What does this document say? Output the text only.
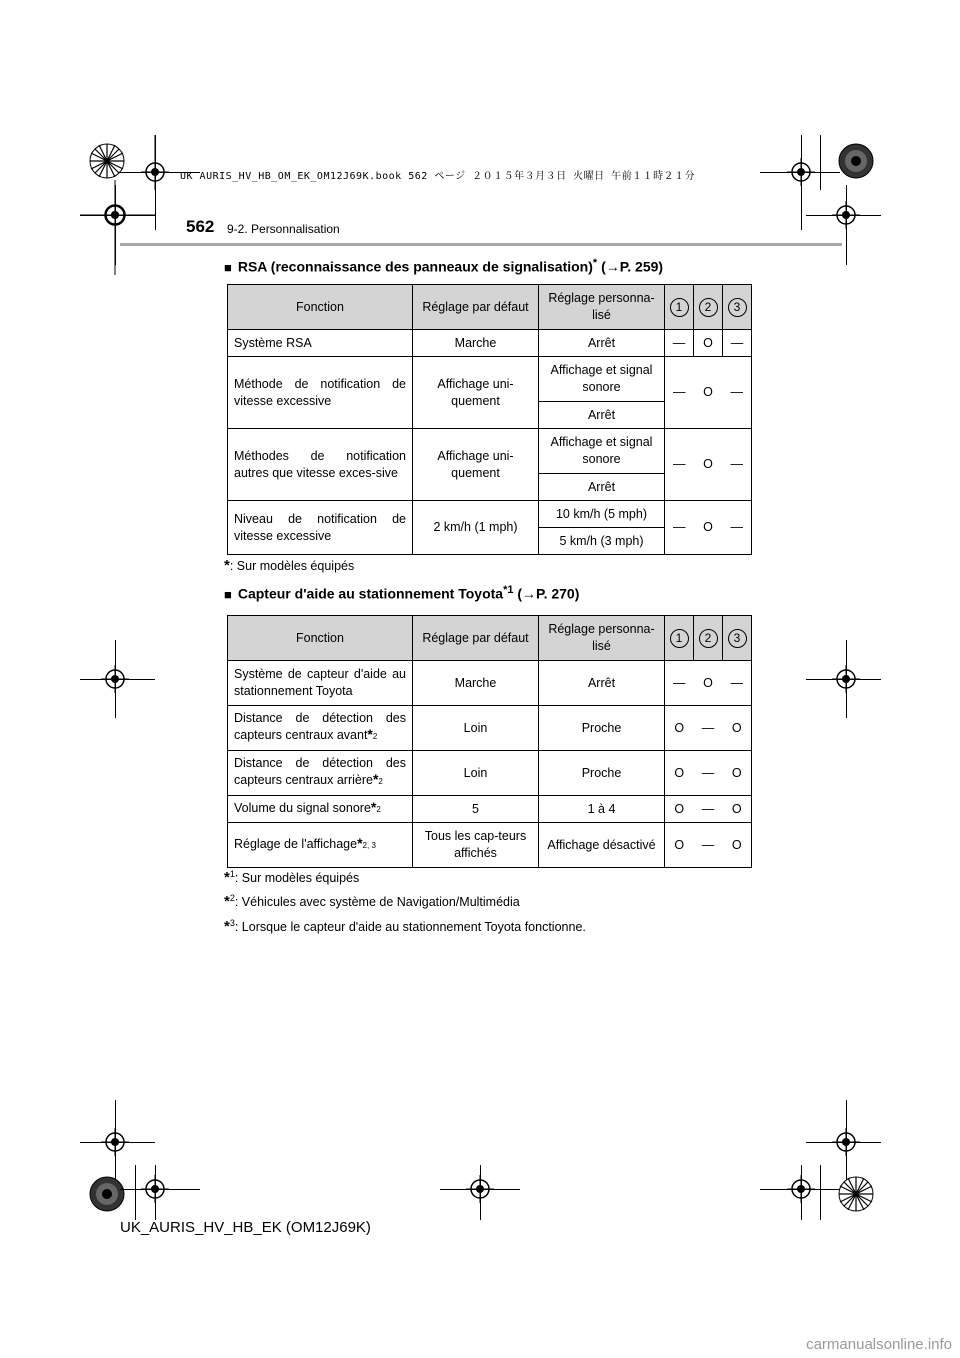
UK AURIS_HV_HB_OM_EK_OM12J69K.book 562 ページ ２０１５年３月３日 火曜日 午前１１時２１分
562 9-2. Personnalisation
■ RSA (reconnaissance des panneaux de signalisation)* (→P. 259)
Fonction	Réglage par défaut	Réglage personna-lisé	1	2	3
Système RSA	Marche	Arrêt	—	O	—
Méthode de notification de vitesse excessive	Affichage uni-quement	Affichage et signal sonore	—	O	—
		Arrêt			
Méthodes de notification autres que vitesse exces-sive	Affichage uni-quement	Affichage et signal sonore	—	O	—
		Arrêt			
Niveau de notification de vitesse excessive	2 km/h (1 mph)	10 km/h (5 mph)	—	O	—
		5 km/h (3 mph)			
*: Sur modèles équipés
■ Capteur d'aide au stationnement Toyota$^{*1}$ (→P. 270)
Fonction	Réglage par défaut	Réglage personna-lisé	1	2	3
Système de capteur d'aide au stationnement Toyota	Marche	Arrêt	—	O	—
Distance de détection des capteurs centraux avant$^{*2}$	Loin	Proche	O	—	O
Distance de détection des capteurs centraux arrière$^{*2}$	Loin	Proche	O	—	O
Volume du signal sonore$^{*2}$	5	1 à 4	O	—	O
Réglage de l'affichage$^{*2, 3}$	Tous les cap-teurs affichés	Affichage désactivé	O	—	O
*$^1$: Sur modèles équipés
*$^2$: Véhicules avec système de Navigation/Multimédia
*$^3$: Lorsque le capteur d'aide au stationnement Toyota fonctionne.
UK_AURIS_HV_HB_EK (OM12J69K)
carmanualsonline.info
